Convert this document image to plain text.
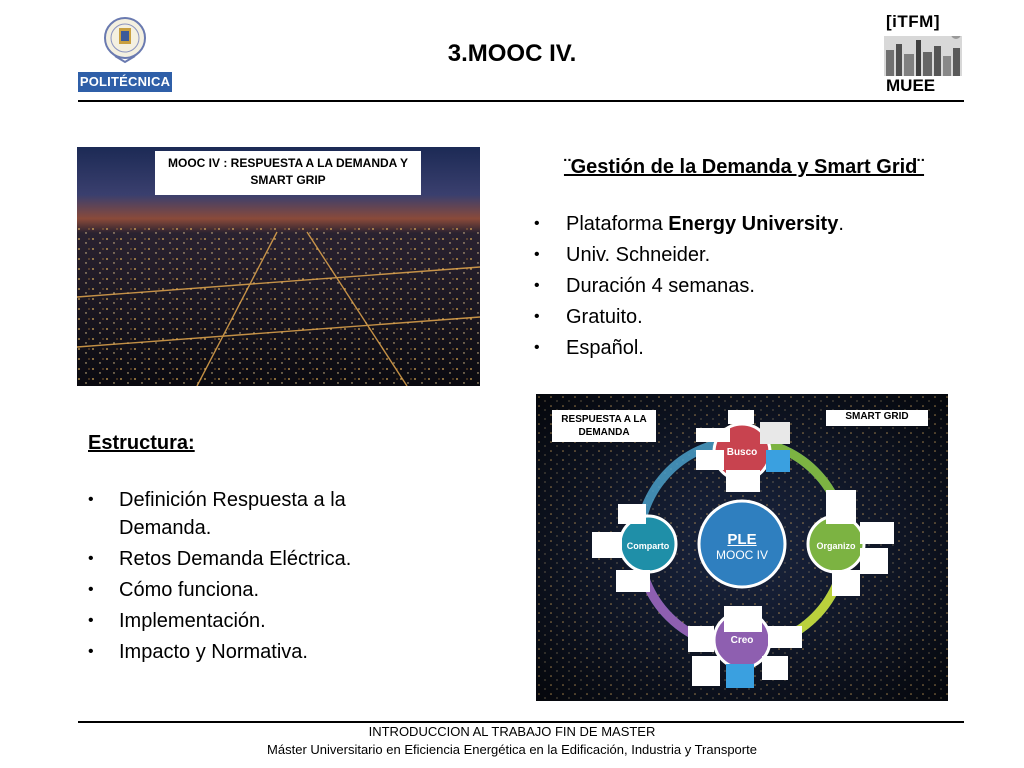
POLITÉCNICA
3.MOOC IV.
[iTFM]
MUEE
MOOC IV : RESPUESTA A LA DEMANDA Y SMART GRIP
¨Gestión de la Demanda y Smart Grid¨
• Plataforma Energy University.
• Univ. Schneider.
• Duración 4 semanas.
• Gratuito.
• Español.
Estructura:
• Definición Respuesta a la Demanda.
• Retos Demanda Eléctrica.
• Cómo funciona.
• Implementación.
• Impacto y Normativa.
RESPUESTA A LA DEMANDA
SMART GRID
PLE
MOOC IV
Busco
Organizo
Creo
Comparto
INTRODUCCION AL TRABAJO FIN DE MASTER
Máster Universitario en Eficiencia Energética en la Edificación, Industria y Transporte
